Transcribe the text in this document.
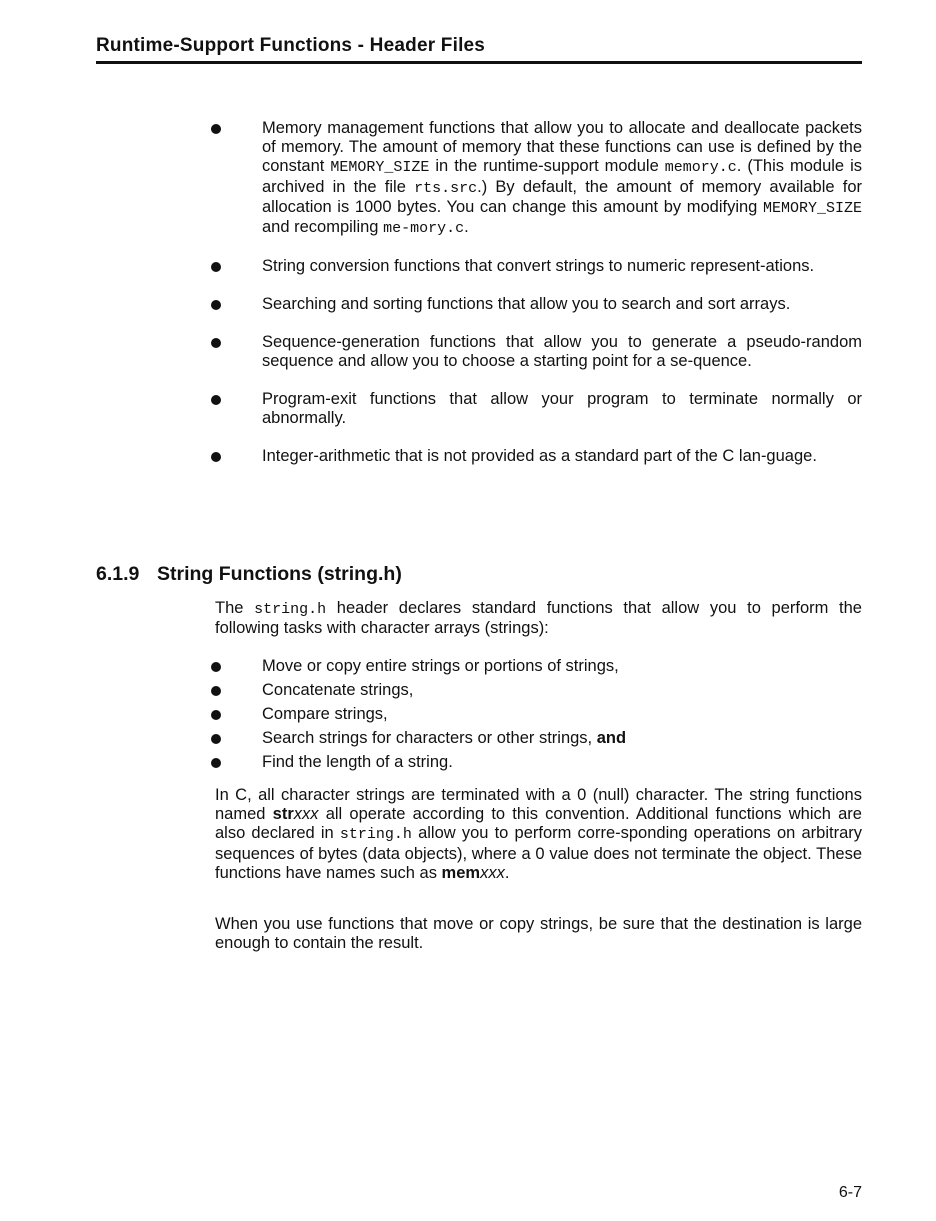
Runtime-Support Functions - Header Files
Memory management functions that allow you to allocate and deallocate packets of memory. The amount of memory that these functions can use is defined by the constant MEMORY_SIZE in the runtime-support module memory.c. (This module is archived in the file rts.src.) By default, the amount of memory available for allocation is 1000 bytes. You can change this amount by modifying MEMORY_SIZE and recompiling me-mory.c.
String conversion functions that convert strings to numeric represent-ations.
Searching and sorting functions that allow you to search and sort arrays.
Sequence-generation functions that allow you to generate a pseudo-random sequence and allow you to choose a starting point for a se-quence.
Program-exit functions that allow your program to terminate normally or abnormally.
Integer-arithmetic that is not provided as a standard part of the C lan-guage.
6.1.9 String Functions (string.h)

The string.h header declares standard functions that allow you to perform the following tasks with character arrays (strings):

Move or copy entire strings or portions of strings,
Concatenate strings,
Compare strings,
Search strings for characters or other strings, and
Find the length of a string.

In C, all character strings are terminated with a 0 (null) character. The string functions named strxxx all operate according to this convention. Additional functions which are also declared in string.h allow you to perform corre-sponding operations on arbitrary sequences of bytes (data objects), where a 0 value does not terminate the object. These functions have names such as memxxx.

When you use functions that move or copy strings, be sure that the destination is large enough to contain the result.

6-7
